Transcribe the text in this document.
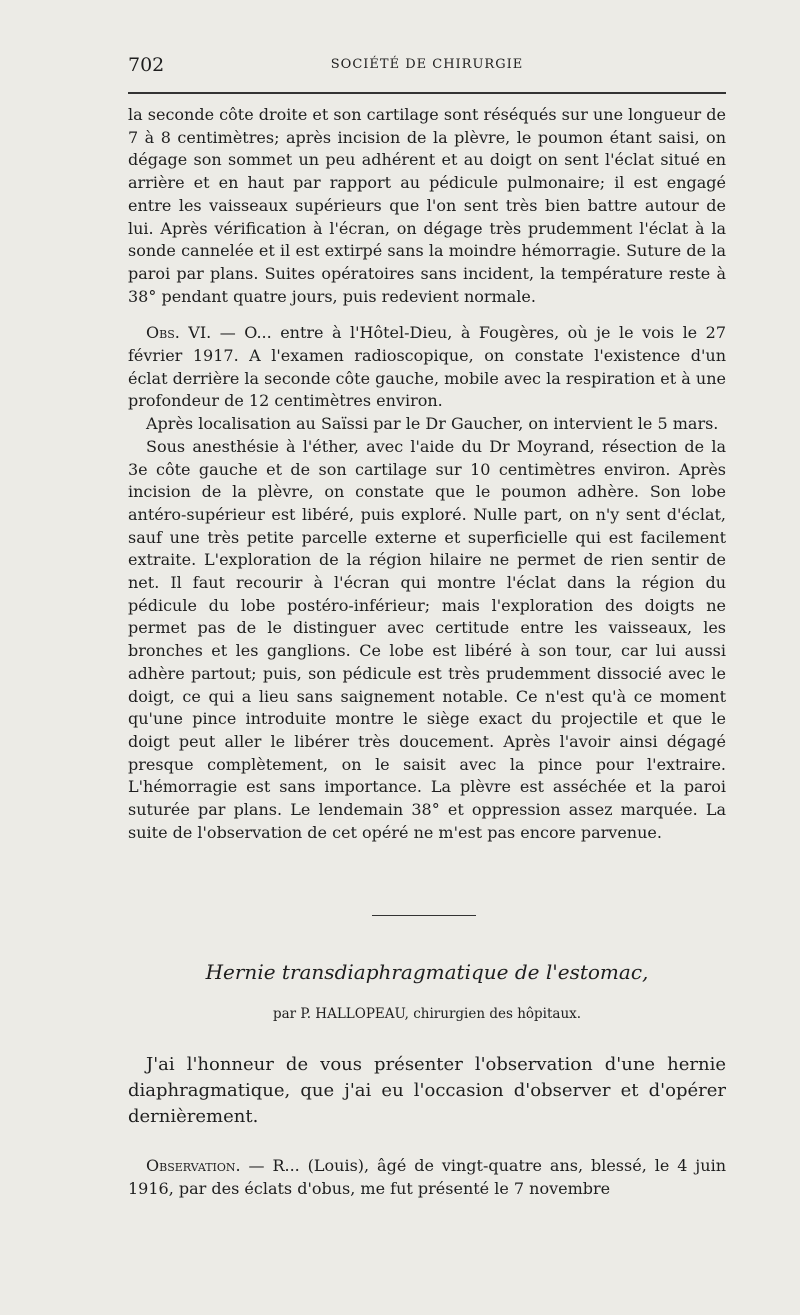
702	SOCIÉTÉ DE CHIRURGIE

la seconde côte droite et son cartilage sont réséqués sur une longueur de 7 à 8 centimètres; après incision de la plèvre, le poumon étant saisi, on dégage son sommet un peu adhérent et au doigt on sent l'éclat situé en arrière et en haut par rapport au pédicule pulmonaire; il est engagé entre les vaisseaux supérieurs que l'on sent très bien battre autour de lui. Après vérification à l'écran, on dégage très prudemment l'éclat à la sonde cannelée et il est extirpé sans la moindre hémorragie. Suture de la paroi par plans. Suites opératoires sans incident, la température reste à 38° pendant quatre jours, puis redevient normale.

Obs. VI. — O... entre à l'Hôtel-Dieu, à Fougères, où je le vois le 27 février 1917. A l'examen radioscopique, on constate l'existence d'un éclat derrière la seconde côte gauche, mobile avec la respiration et à une profondeur de 12 centimètres environ.

Après localisation au Saïssi par le Dr Gaucher, on intervient le 5 mars.

Sous anesthésie à l'éther, avec l'aide du Dr Moyrand, résection de la 3e côte gauche et de son cartilage sur 10 centimètres environ. Après incision de la plèvre, on constate que le poumon adhère. Son lobe antéro-supérieur est libéré, puis exploré. Nulle part, on n'y sent d'éclat, sauf une très petite parcelle externe et superficielle qui est facilement extraite. L'exploration de la région hilaire ne permet de rien sentir de net. Il faut recourir à l'écran qui montre l'éclat dans la région du pédicule du lobe postéro-inférieur; mais l'exploration des doigts ne permet pas de le distinguer avec certitude entre les vaisseaux, les bronches et les ganglions. Ce lobe est libéré à son tour, car lui aussi adhère partout; puis, son pédicule est très prudemment dissocié avec le doigt, ce qui a lieu sans saignement notable. Ce n'est qu'à ce moment qu'une pince introduite montre le siège exact du projectile et que le doigt peut aller le libérer très doucement. Après l'avoir ainsi dégagé presque complètement, on le saisit avec la pince pour l'extraire. L'hémorragie est sans importance. La plèvre est asséchée et la paroi suturée par plans. Le lendemain 38° et oppression assez marquée. La suite de l'observation de cet opéré ne m'est pas encore parvenue.

Hernie transdiaphragmatique de l'estomac,
par P. HALLOPEAU, chirurgien des hôpitaux.

J'ai l'honneur de vous présenter l'observation d'une hernie diaphragmatique, que j'ai eu l'occasion d'observer et d'opérer dernièrement.

Observation. — R... (Louis), âgé de vingt-quatre ans, blessé, le 4 juin 1916, par des éclats d'obus, me fut présenté le 7 novembre
